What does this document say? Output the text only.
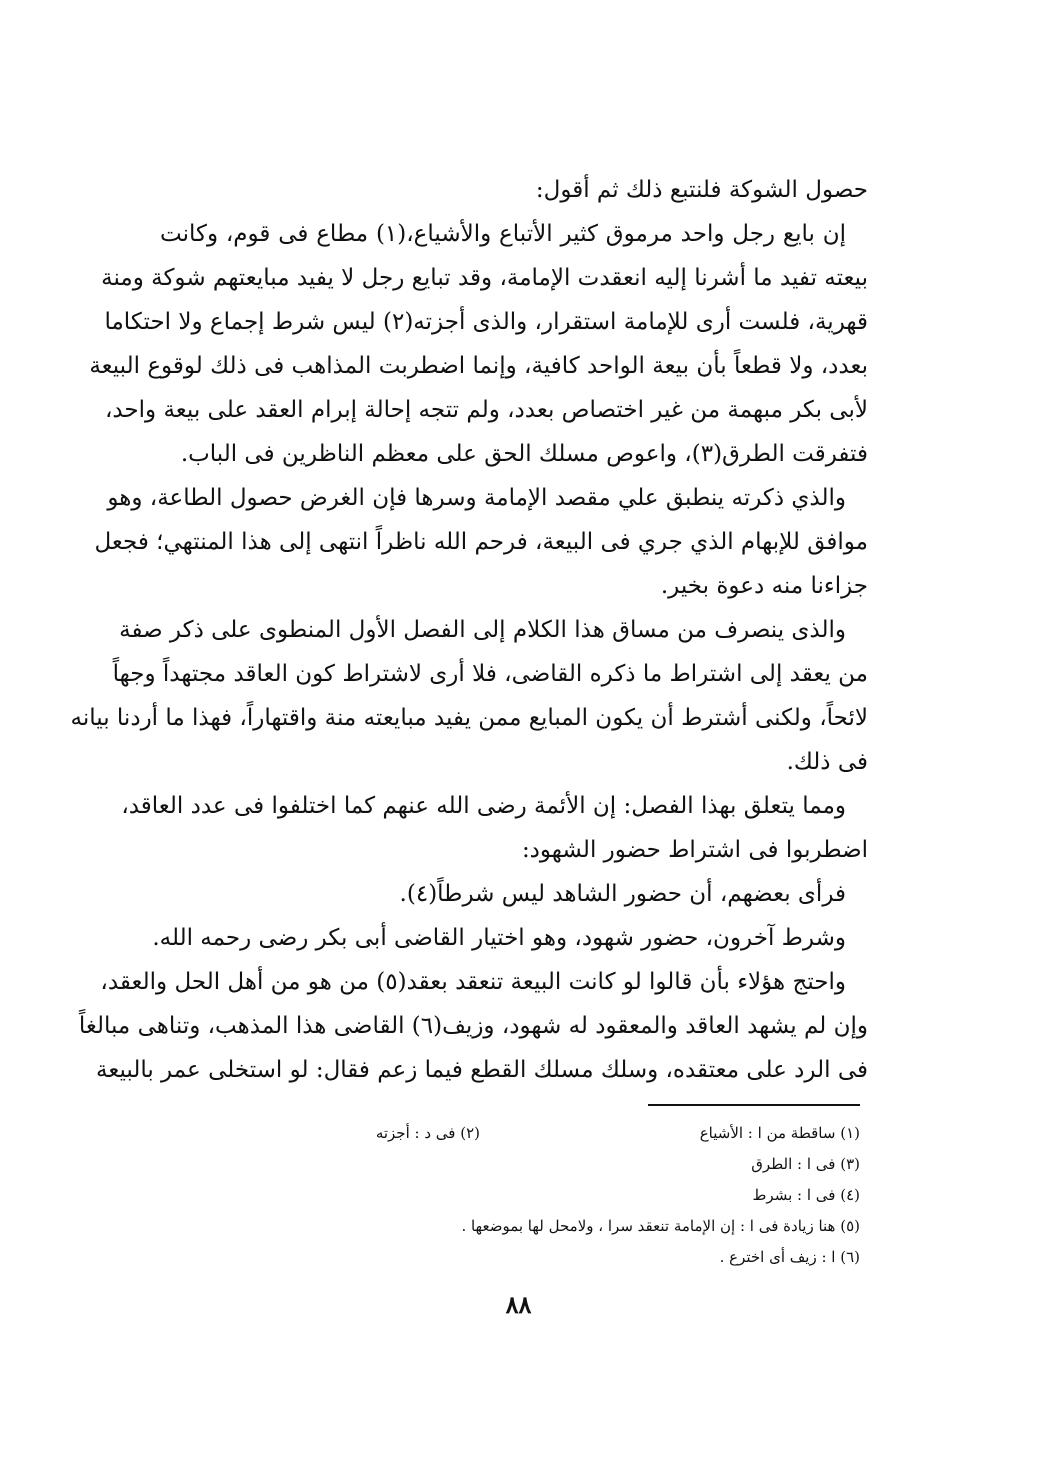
حصول الشوكة فلنتبع ذلك ثم أقول:
إن بايع رجل واحد مرموق كثير الأتباع والأشياع،(١) مطاع فى قوم، وكانت
بيعته تفيد ما أشرنا إليه انعقدت الإمامة، وقد تبايع رجل لا يفيد مبايعتهم شوكة ومنة
قهرية، فلست أرى للإمامة استقرار، والذى أجزته(٢) ليس شرط إجماع ولا احتكاما
بعدد، ولا قطعاً بأن بيعة الواحد كافية، وإنما اضطربت المذاهب فى ذلك لوقوع البيعة
لأبى بكر مبهمة من غير اختصاص بعدد، ولم تتجه إحالة إبرام العقد على بيعة واحد،
فتفرقت الطرق(٣)، واعوص مسلك الحق على معظم الناظرين فى الباب.
والذي ذكرته ينطبق علي مقصد الإمامة وسرها فإن الغرض حصول الطاعة، وهو
موافق للإبهام الذي جري فى البيعة، فرحم الله ناظراً انتهى إلى هذا المنتهي؛ فجعل
جزاءنا منه دعوة بخير.
والذى ينصرف من مساق هذا الكلام إلى الفصل الأول المنطوى على ذكر صفة
من يعقد إلى اشتراط ما ذكره القاضى، فلا أرى لاشتراط كون العاقد مجتهداً وجهاً
لائحاً، ولكنى أشترط أن يكون المبايع ممن يفيد مبايعته منة واقتهاراً، فهذا ما أردنا بيانه
فى ذلك.
ومما يتعلق بهذا الفصل: إن الأئمة رضى الله عنهم كما اختلفوا فى عدد العاقد،
اضطربوا فى اشتراط حضور الشهود:
فرأى بعضهم، أن حضور الشاهد ليس شرطاً(٤).
وشرط آخرون، حضور شهود، وهو اختيار القاضى أبى بكر رضى رحمه الله.
واحتج هؤلاء بأن قالوا لو كانت البيعة تنعقد بعقد(٥) من هو من أهل الحل والعقد،
وإن لم يشهد العاقد والمعقود له شهود، وزيف(٦) القاضى هذا المذهب، وتناهى مبالغاً
فى الرد على معتقده، وسلك مسلك القطع فيما زعم فقال: لو استخلى عمر بالبيعة
(١) ساقطة من ا : الأشياع
(٢) فى د : أجزته
(٣) فى ا : الطرق
(٤) فى ا : بشرط
(٥) هنا زيادة فى ا : إن الإمامة تنعقد سرا ، ولامحل لها بموضعها .
(٦) ا : زيف أى اخترع .
٨٨
